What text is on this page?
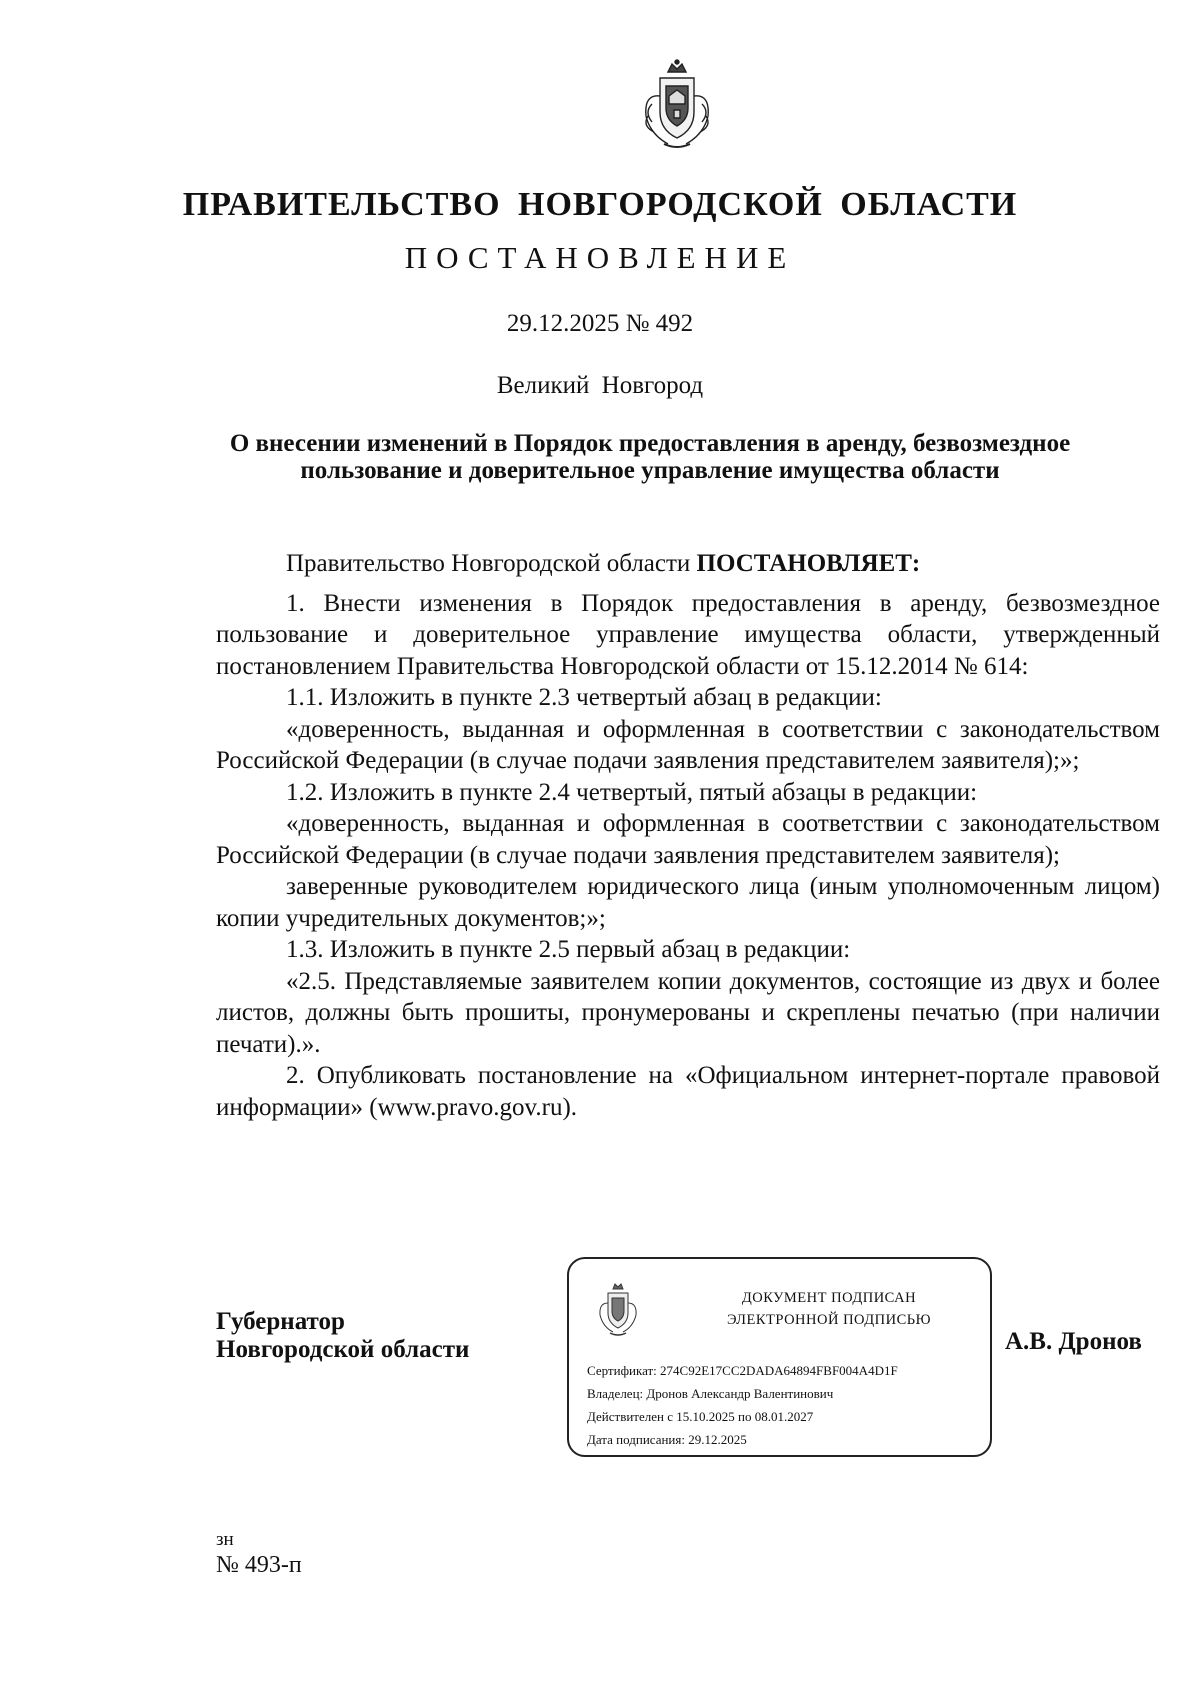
ПРАВИТЕЛЬСТВО НОВГОРОДСКОЙ ОБЛАСТИ
ПОСТАНОВЛЕНИЕ
29.12.2025 № 492
Великий Новгород
О внесении изменений в Порядок предоставления в аренду, безвозмездное пользование и доверительное управление имущества области

Правительство Новгородской области ПОСТАНОВЛЯЕТ:

1. Внести изменения в Порядок предоставления в аренду, безвозмездное пользование и доверительное управление имущества области, утвержденный постановлением Правительства Новгородской области от 15.12.2014 № 614:

1.1. Изложить в пункте 2.3 четвертый абзац в редакции:

«доверенность, выданная и оформленная в соответствии с законодательством Российской Федерации (в случае подачи заявления представителем заявителя);»;

1.2. Изложить в пункте 2.4 четвертый, пятый абзацы в редакции:

«доверенность, выданная и оформленная в соответствии с законодательством Российской Федерации (в случае подачи заявления представителем заявителя);

заверенные руководителем юридического лица (иным уполномоченным лицом) копии учредительных документов;»;

1.3. Изложить в пункте 2.5 первый абзац в редакции:

«2.5. Представляемые заявителем копии документов, состоящие из двух и более листов, должны быть прошиты, пронумерованы и скреплены печатью (при наличии печати).».

2. Опубликовать постановление на «Официальном интернет-портале правовой информации» (www.pravo.gov.ru).

Губернатор
Новгородской области
ДОКУМЕНТ ПОДПИСАН
ЭЛЕКТРОННОЙ ПОДПИСЬЮ
Сертификат: 274C92E17CC2DADA64894FBF004A4D1F
Владелец: Дронов Александр Валентинович
Действителен с 15.10.2025 по 08.01.2027
Дата подписания: 29.12.2025
А.В. Дронов
зн
№ 493-п
